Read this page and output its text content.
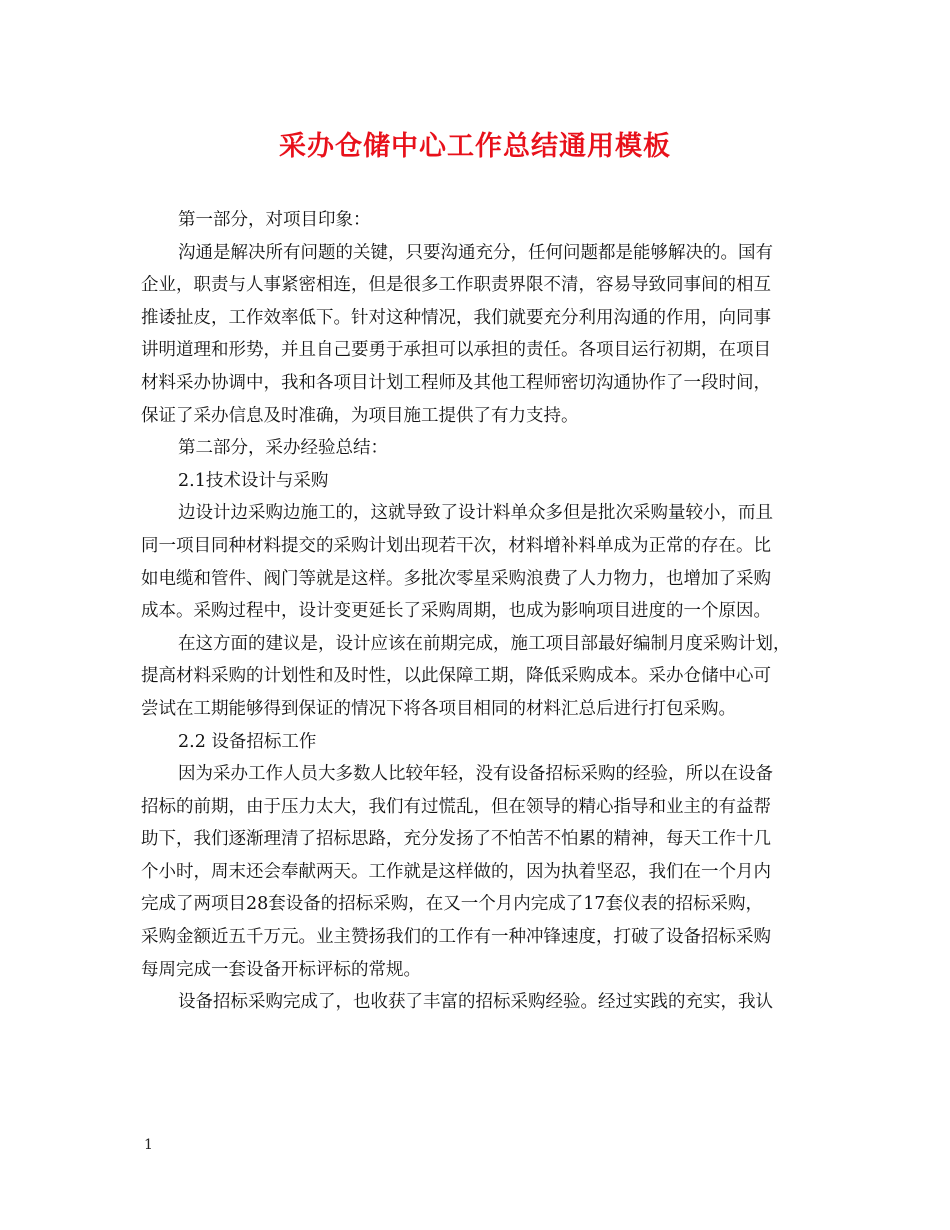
采办仓储中心工作总结通用模板
第一部分，对项目印象：
沟通是解决所有问题的关键，只要沟通充分，任何问题都是能够解决的。国有
企业，职责与人事紧密相连，但是很多工作职责界限不清，容易导致同事间的相互
推诿扯皮，工作效率低下。针对这种情况，我们就要充分利用沟通的作用，向同事
讲明道理和形势，并且自己要勇于承担可以承担的责任。各项目运行初期，在项目
材料采办协调中，我和各项目计划工程师及其他工程师密切沟通协作了一段时间，
保证了采办信息及时准确，为项目施工提供了有力支持。
第二部分，采办经验总结：
2.1技术设计与采购
边设计边采购边施工的，这就导致了设计料单众多但是批次采购量较小，而且
同一项目同种材料提交的采购计划出现若干次，材料增补料单成为正常的存在。比
如电缆和管件、阀门等就是这样。多批次零星采购浪费了人力物力，也增加了采购
成本。采购过程中，设计变更延长了采购周期，也成为影响项目进度的一个原因。
在这方面的建议是，设计应该在前期完成，施工项目部最好编制月度采购计划，
提高材料采购的计划性和及时性，以此保障工期，降低采购成本。采办仓储中心可
尝试在工期能够得到保证的情况下将各项目相同的材料汇总后进行打包采购。
2.2 设备招标工作
因为采办工作人员大多数人比较年轻，没有设备招标采购的经验，所以在设备
招标的前期，由于压力太大，我们有过慌乱，但在领导的精心指导和业主的有益帮
助下，我们逐渐理清了招标思路，充分发扬了不怕苦不怕累的精神，每天工作十几
个小时，周末还会奉献两天。工作就是这样做的，因为执着坚忍，我们在一个月内
完成了两项目28套设备的招标采购，在又一个月内完成了17套仪表的招标采购，
采购金额近五千万元。业主赞扬我们的工作有一种冲锋速度，打破了设备招标采购
每周完成一套设备开标评标的常规。
设备招标采购完成了，也收获了丰富的招标采购经验。经过实践的充实，我认
1
